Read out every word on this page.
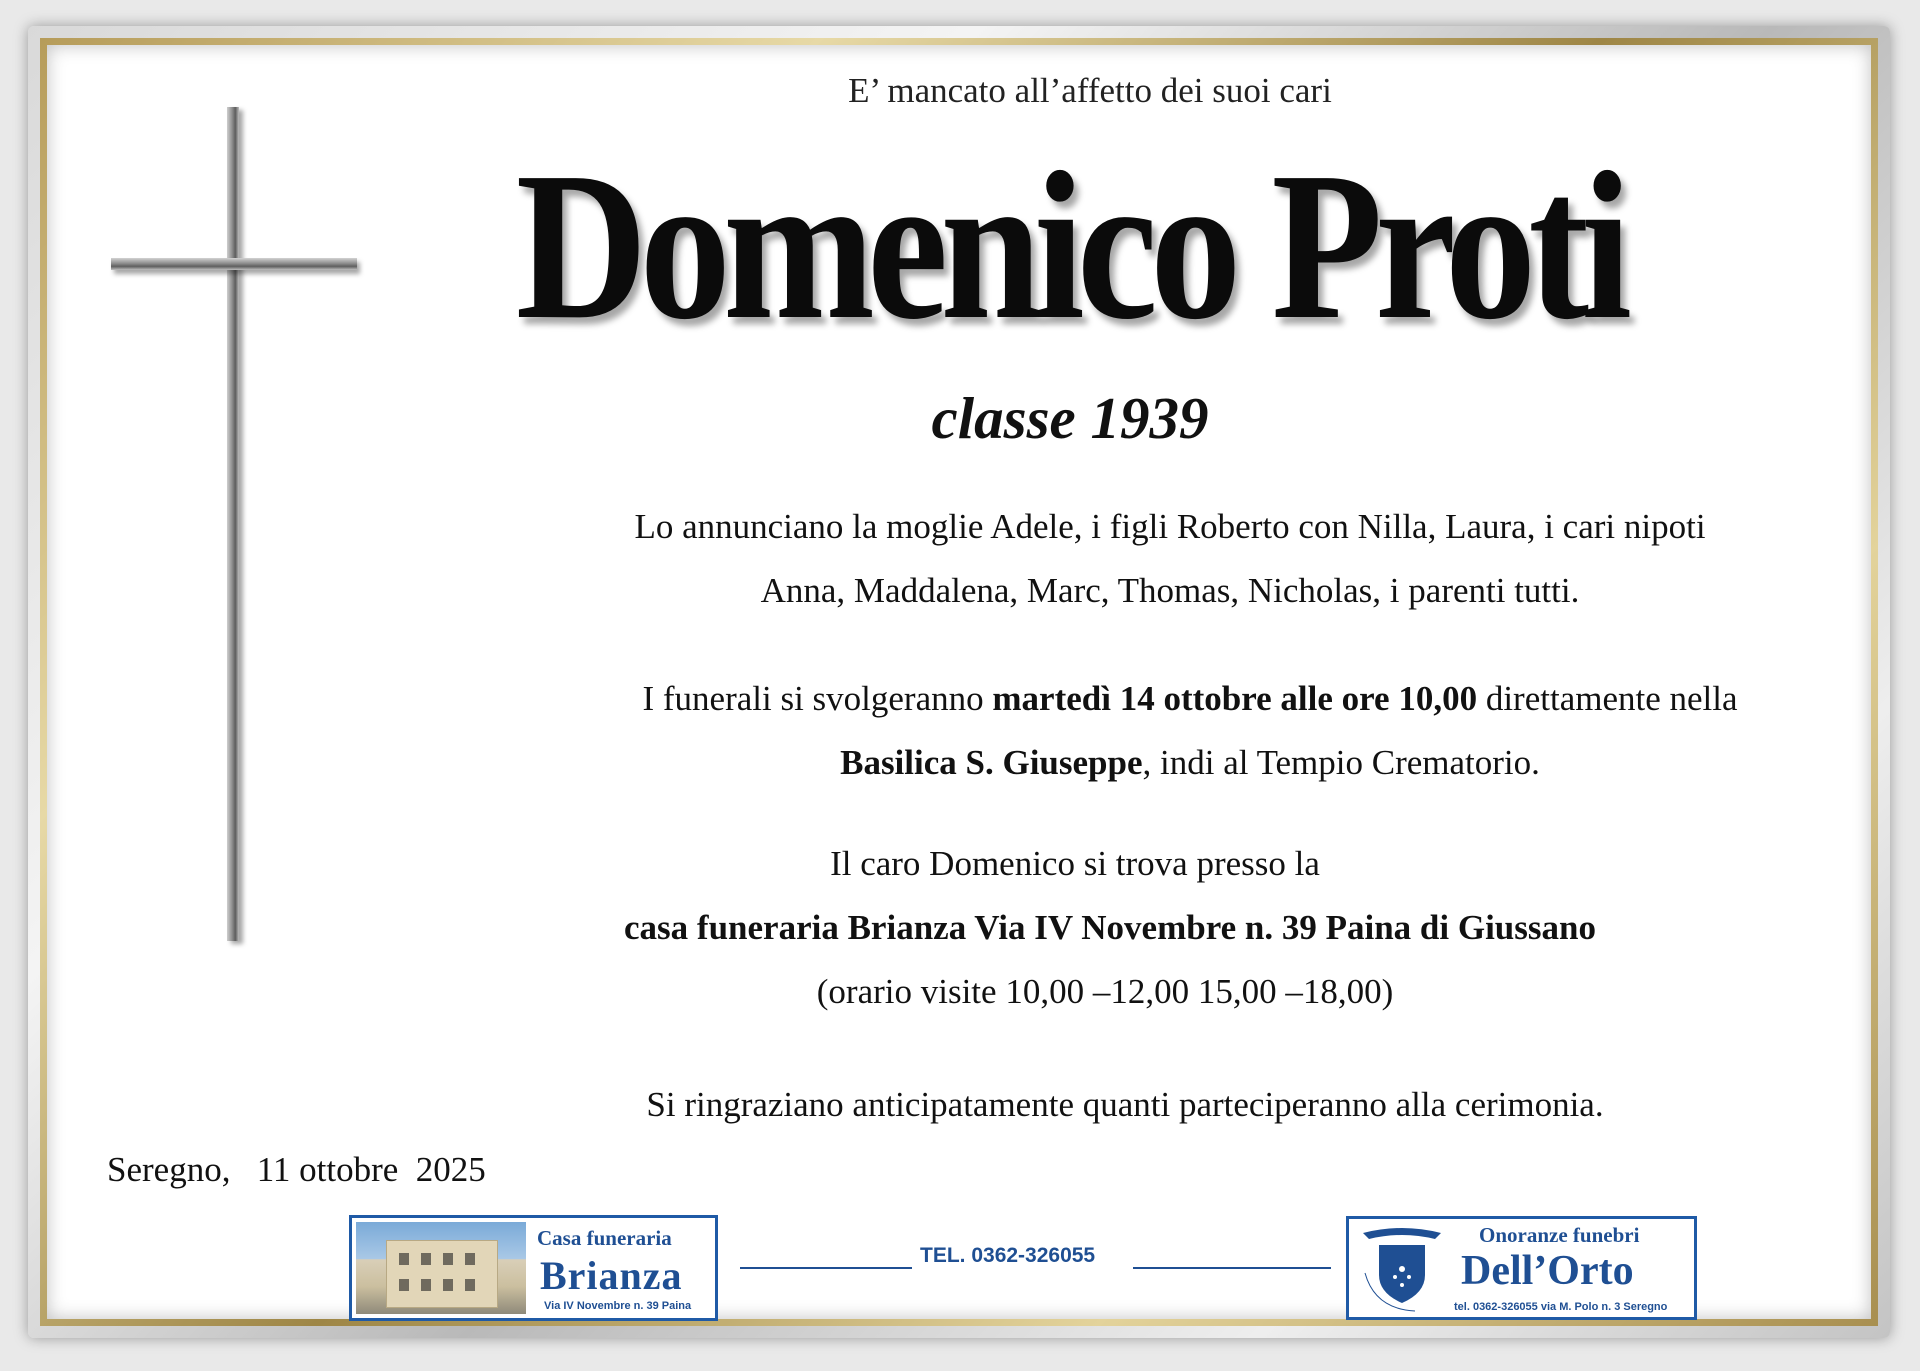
E’ mancato all’affetto dei suoi cari
Domenico Proti
classe 1939
Lo annunciano la moglie Adele, i figli Roberto con Nilla, Laura, i cari nipoti
Anna, Maddalena, Marc, Thomas, Nicholas, i parenti tutti.
I funerali si svolgeranno martedì 14 ottobre alle ore 10,00 direttamente nella
Basilica S. Giuseppe, indi al Tempio Crematorio.
Il caro Domenico si trova presso la
casa funeraria Brianza Via IV Novembre n. 39 Paina di Giussano
(orario visite 10,00 –12,00 15,00 –18,00)
Si ringraziano anticipatamente quanti parteciperanno alla cerimonia.
Seregno,   11 ottobre  2025
Casa funeraria
Brianza
Via IV Novembre n. 39 Paina
TEL. 0362-326055
Onoranze funebri
Dell’Orto
tel. 0362-326055 via M. Polo n. 3 Seregno
